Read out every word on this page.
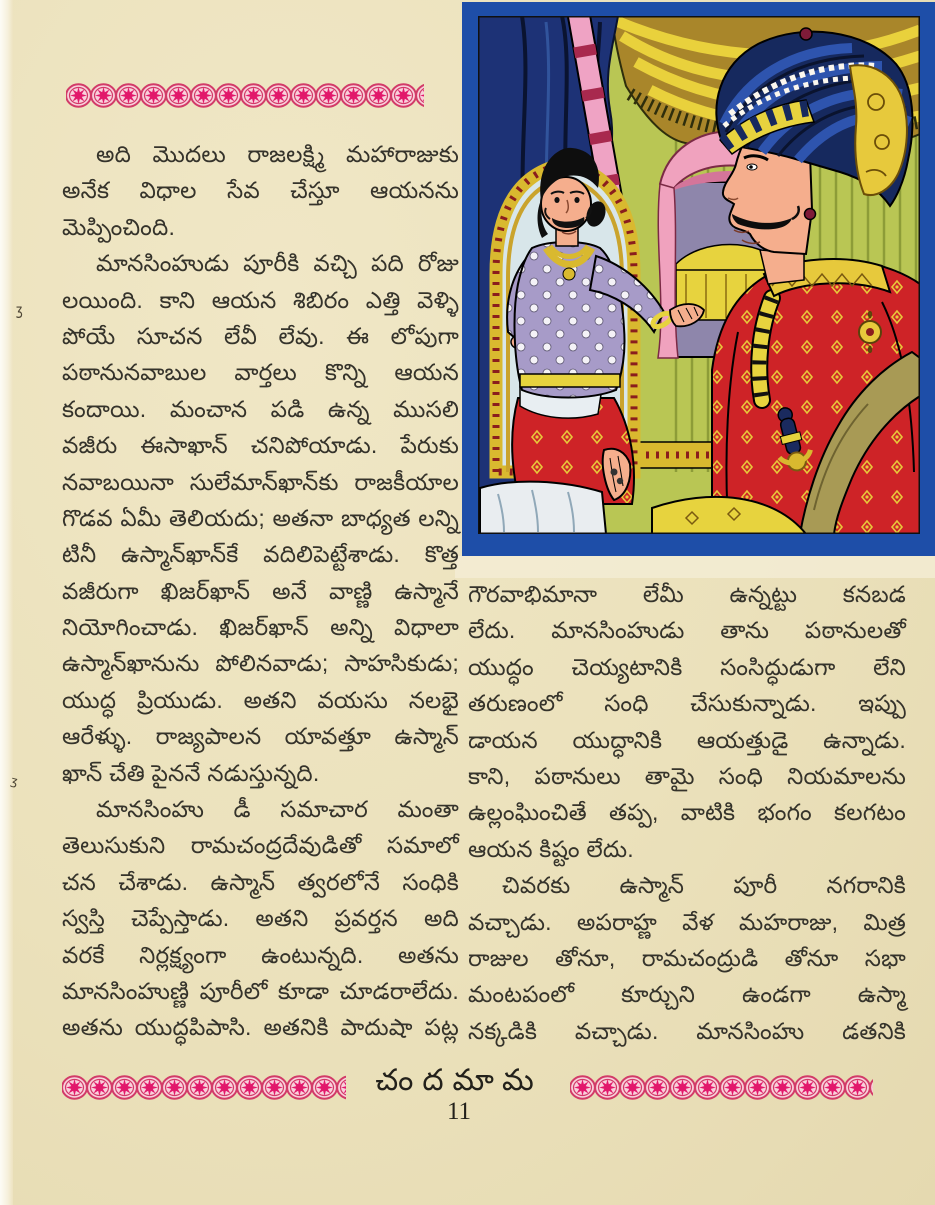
ʒ
ʒ
అది మొదలు రాజలక్ష్మి మహారాజుకు
అనేక విధాల సేవ చేస్తూ ఆయనను
మెప్పించింది.
మానసింహుడు పూరీకి వచ్చి పది రోజు
లయింది. కాని ఆయన శిబిరం ఎత్తి వెళ్ళి
పోయే సూచన లేవీ లేవు. ఈ లోపుగా
పఠానునవాబుల వార్తలు కొన్ని ఆయన
కందాయి. మంచాన పడి ఉన్న ముసలి
వజీరు ఈసాఖాన్ చనిపోయాడు. పేరుకు
నవాబయినా సులేమాన్‌ఖాన్‌కు రాజకీయాల
గొడవ ఏమీ తెలియదు; అతనా బాధ్యత లన్ని
టినీ ఉస్మాన్‌ఖాన్‌కే వదిలిపెట్టేశాడు. కొత్త
వజీరుగా ఖిజర్‌ఖాన్ అనే వాణ్ణి ఉస్మానే
నియోగించాడు. ఖిజర్‌ఖాన్ అన్ని విధాలా
ఉస్మాన్‌ఖానును పోలినవాడు; సాహసికుడు;
యుద్ధ ప్రియుడు. అతని వయసు నలభై
ఆరేళ్ళు. రాజ్యపాలన యావత్తూ ఉస్మాన్
ఖాన్ చేతి పైననే నడుస్తున్నది.
మానసింహు డీ సమాచార మంతా
తెలుసుకుని రామచంద్రదేవుడితో సమాలో
చన చేశాడు. ఉస్మాన్ త్వరలోనే సంధికి
స్వస్తి చెప్పేస్తాడు. అతని ప్రవర్తన అది
వరకే నిర్లక్ష్యంగా ఉంటున్నది. అతను
మానసింహుణ్ణి పూరీలో కూడా చూడరాలేదు.
అతను యుద్ధపిపాసి. అతనికి పాదుషా పట్ల
గౌరవాభిమానా లేమీ ఉన్నట్టు కనబడ
లేదు. మానసింహుడు తాను పఠానులతో
యుద్ధం చెయ్యటానికి సంసిద్ధుడుగా లేని
తరుణంలో సంధి చేసుకున్నాడు. ఇప్పు
డాయన యుద్ధానికి ఆయత్తుడై ఉన్నాడు.
కాని, పఠానులు తామై సంధి నియమాలను
ఉల్లంఘించితే తప్ప, వాటికి భంగం కలగటం
ఆయన కిష్టం లేదు.
చివరకు ఉస్మాన్ పూరీ నగరానికి
వచ్చాడు. అపరాహ్ణ వేళ మహరాజు, మిత్ర
రాజుల తోనూ, రామచంద్రుడి తోనూ సభా
మంటపంలో కూర్చుని ఉండగా ఉస్మా
నక్కడికి వచ్చాడు. మానసింహు డతనికి
చందమామ
11
